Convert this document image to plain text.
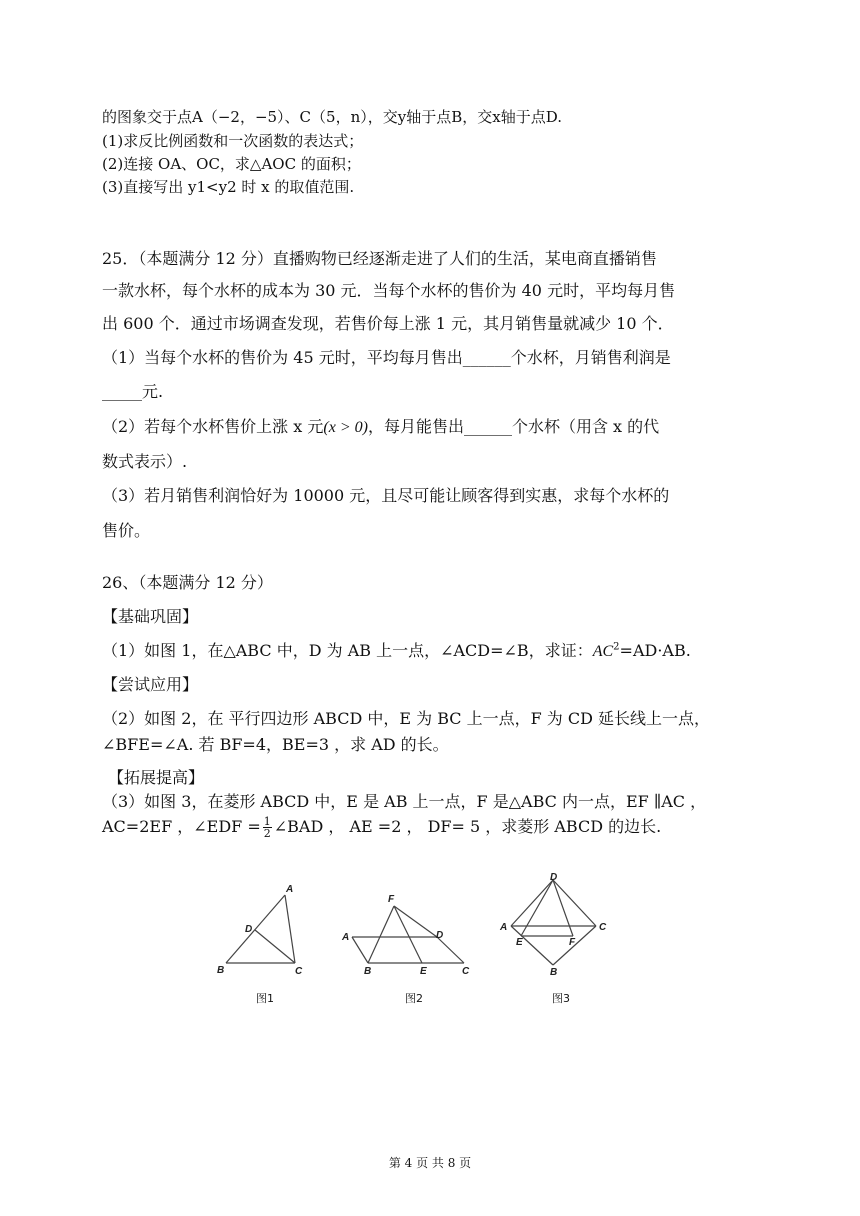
的图象交于点A（−2，−5）、C（5，n），交y轴于点B，交x轴于点D.
(1)求反比例函数和一次函数的表达式；
(2)连接 OA、OC，求△AOC 的面积；
(3)直接写出 y1<y2 时 x 的取值范围.
25．（本题满分 12 分）直播购物已经逐渐走进了人们的生活，某电商直播销售
一款水杯，每个水杯的成本为 30 元．当每个水杯的售价为 40 元时，平均每月售
出 600 个．通过市场调查发现，若售价每上涨 1 元，其月销售量就减少 10 个．
（1）当每个水杯的售价为 45 元时，平均每月售出______个水杯，月销售利润是
_____元.
（2）若每个水杯售价上涨 x 元(x > 0)，每月能售出______个水杯（用含 x 的代
数式表示）.
（3）若月销售利润恰好为 10000 元，且尽可能让顾客得到实惠，求每个水杯的
售价。
26、（本题满分 12 分）
【基础巩固】
（1）如图 1，在△ABC 中，D 为 AB 上一点，∠ACD=∠B，求证：$AC^2=AD\cdot AB$.
【尝试应用】
（2）如图 2，在 平行四边形 ABCD 中，E 为 BC 上一点，F 为 CD 延长线上一点，
∠BFE=∠A. 若 BF=4，BE=3 ，求 AD 的长。
【拓展提高】
（3）如图 3，在菱形 ABCD 中，E 是 AB 上一点，F 是△ABC 内一点，EF ∥AC ，
AC=2EF ，∠EDF = $\frac{1}{2}$ ∠BAD ， AE =2 ， DF= 5 ，求菱形 ABCD 的边长.
A
B	C
D
F
A	D
B	E	C
D
A	C
E	F
B
图1	图2	图3
第 4 页 共 8 页
